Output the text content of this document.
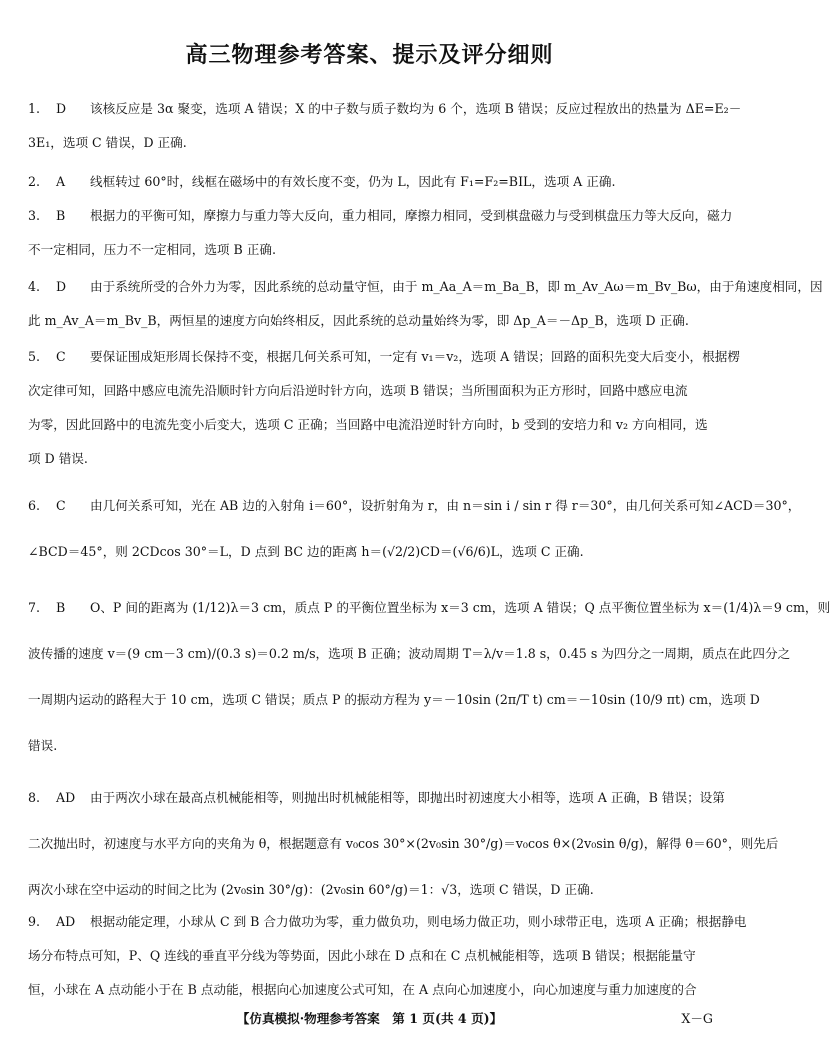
高三物理参考答案、提示及评分细则
1. D 该核反应是 3α 聚变，选项 A 错误；X 的中子数与质子数均为 6 个，选项 B 错误；反应过程放出的热量为 ΔE=E₂－
3E₁，选项 C 错误，D 正确.
2. A 线框转过 60°时，线框在磁场中的有效长度不变，仍为 L，因此有 F₁=F₂=BIL，选项 A 正确.
3. B 根据力的平衡可知，摩擦力与重力等大反向，重力相同，摩擦力相同，受到棋盘磁力与受到棋盘压力等大反向，磁力
不一定相同，压力不一定相同，选项 B 正确.
4. D 由于系统所受的合外力为零，因此系统的总动量守恒，由于 m_Aa_A＝m_Ba_B，即 m_Av_Aω＝m_Bv_Bω，由于角速度相同，因
此 m_Av_A＝m_Bv_B，两恒星的速度方向始终相反，因此系统的总动量始终为零，即 Δp_A＝－Δp_B，选项 D 正确.
5. C 要保证围成矩形周长保持不变，根据几何关系可知，一定有 v₁＝v₂，选项 A 错误；回路的面积先变大后变小，根据楞
次定律可知，回路中感应电流先沿顺时针方向后沿逆时针方向，选项 B 错误；当所围面积为正方形时，回路中感应电流
为零，因此回路中的电流先变小后变大，选项 C 正确；当回路中电流沿逆时针方向时，b 受到的安培力和 v₂ 方向相同，选
项 D 错误.
6. C 由几何关系可知，光在 AB 边的入射角 i＝60°，设折射角为 r，由 n＝sin i / sin r 得 r＝30°，由几何关系可知∠ACD＝30°，
∠BCD＝45°，则 2CDcos 30°＝L，D 点到 BC 边的距离 h＝(√2/2)CD＝(√6/6)L，选项 C 正确.
7. B O、P 间的距离为 (1/12)λ＝3 cm，质点 P 的平衡位置坐标为 x＝3 cm，选项 A 错误；Q 点平衡位置坐标为 x＝(1/4)λ＝9 cm，则
波传播的速度 v＝(9 cm－3 cm)/(0.3 s)＝0.2 m/s，选项 B 正确；波动周期 T＝λ/v＝1.8 s，0.45 s 为四分之一周期，质点在此四分之
一周期内运动的路程大于 10 cm，选项 C 错误；质点 P 的振动方程为 y＝－10sin (2π/T t) cm＝－10sin (10/9 πt) cm，选项 D
错误.
8. AD 由于两次小球在最高点机械能相等，则抛出时机械能相等，即抛出时初速度大小相等，选项 A 正确，B 错误；设第
二次抛出时，初速度与水平方向的夹角为 θ，根据题意有 v₀cos 30°×(2v₀sin 30°/g)＝v₀cos θ×(2v₀sin θ/g)，解得 θ＝60°，则先后
两次小球在空中运动的时间之比为 (2v₀sin 30°/g)：(2v₀sin 60°/g)＝1：√3，选项 C 错误，D 正确.
9. AD 根据动能定理，小球从 C 到 B 合力做功为零，重力做负功，则电场力做正功，则小球带正电，选项 A 正确；根据静电
场分布特点可知，P、Q 连线的垂直平分线为等势面，因此小球在 D 点和在 C 点机械能相等，选项 B 错误；根据能量守
恒，小球在 A 点动能小于在 B 点动能，根据向心加速度公式可知，在 A 点向心加速度小，向心加速度与重力加速度的合
【仿真模拟·物理参考答案　第 1 页(共 4 页)】	X－G
